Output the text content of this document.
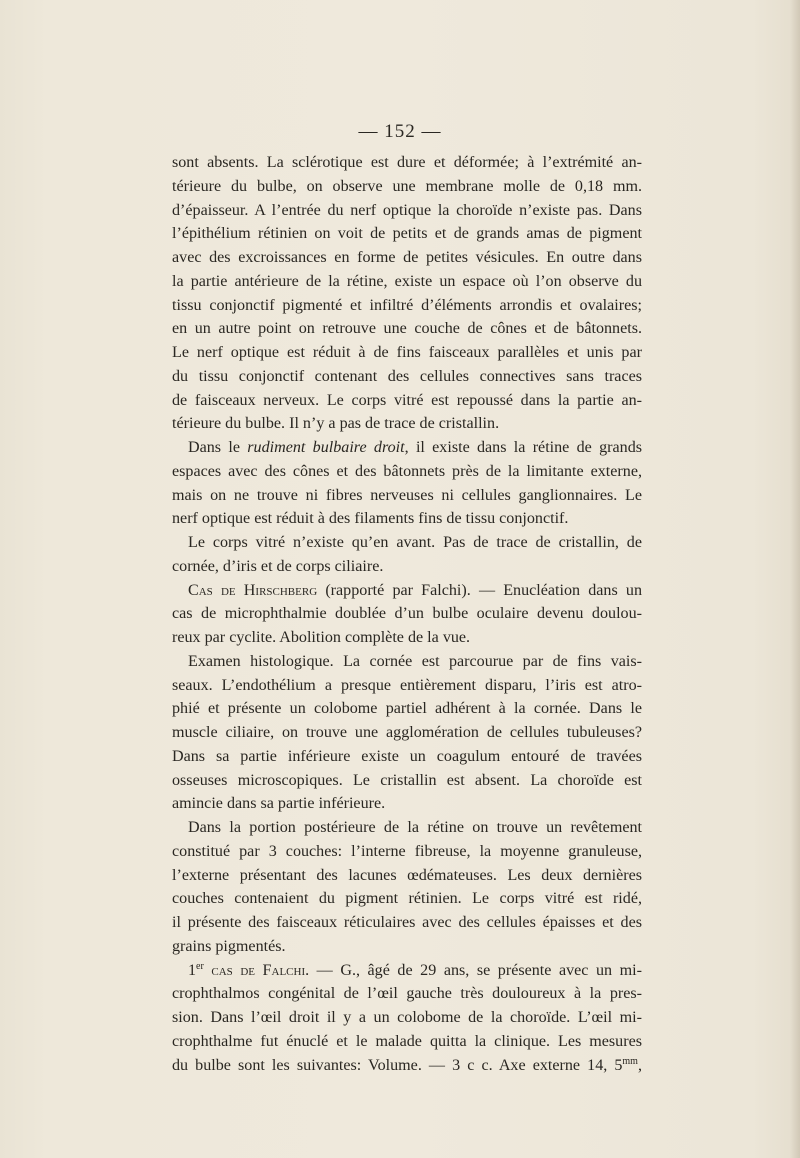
— 152 —
sont absents. La sclérotique est dure et déformée; à l’extrémité an-
térieure du bulbe, on observe une membrane molle de 0,18 mm.
d’épaisseur. A l’entrée du nerf optique la choroïde n’existe pas. Dans
l’épithélium rétinien on voit de petits et de grands amas de pigment
avec des excroissances en forme de petites vésicules. En outre dans
la partie antérieure de la rétine, existe un espace où l’on observe du
tissu conjonctif pigmenté et infiltré d’éléments arrondis et ovalaires;
en un autre point on retrouve une couche de cônes et de bâtonnets.
Le nerf optique est réduit à de fins faisceaux parallèles et unis par
du tissu conjonctif contenant des cellules connectives sans traces
de faisceaux nerveux. Le corps vitré est repoussé dans la partie an-
térieure du bulbe. Il n’y a pas de trace de cristallin.
Dans le rudiment bulbaire droit, il existe dans la rétine de grands
espaces avec des cônes et des bâtonnets près de la limitante externe,
mais on ne trouve ni fibres nerveuses ni cellules ganglionnaires. Le
nerf optique est réduit à des filaments fins de tissu conjonctif.
Le corps vitré n’existe qu’en avant. Pas de trace de cristallin, de
cornée, d’iris et de corps ciliaire.
Cas de Hirschberg (rapporté par Falchi). — Enucléation dans un
cas de microphthalmie doublée d’un bulbe oculaire devenu doulou-
reux par cyclite. Abolition complète de la vue.
Examen histologique. La cornée est parcourue par de fins vais-
seaux. L’endothélium a presque entièrement disparu, l’iris est atro-
phié et présente un colobome partiel adhérent à la cornée. Dans le
muscle ciliaire, on trouve une agglomération de cellules tubuleuses?
Dans sa partie inférieure existe un coagulum entouré de travées
osseuses microscopiques. Le cristallin est absent. La choroïde est
amincie dans sa partie inférieure.
Dans la portion postérieure de la rétine on trouve un revêtement
constitué par 3 couches: l’interne fibreuse, la moyenne granuleuse,
l’externe présentant des lacunes œdémateuses. Les deux dernières
couches contenaient du pigment rétinien. Le corps vitré est ridé,
il présente des faisceaux réticulaires avec des cellules épaisses et des
grains pigmentés.
1er cas de Falchi. — G., âgé de 29 ans, se présente avec un mi-
crophthalmos congénital de l’œil gauche très douloureux à la pres-
sion. Dans l’œil droit il y a un colobome de la choroïde. L’œil mi-
crophthalme fut énuclé et le malade quitta la clinique. Les mesures
du bulbe sont les suivantes: Volume. — 3 c c. Axe externe 14, $5^{mm}$,
